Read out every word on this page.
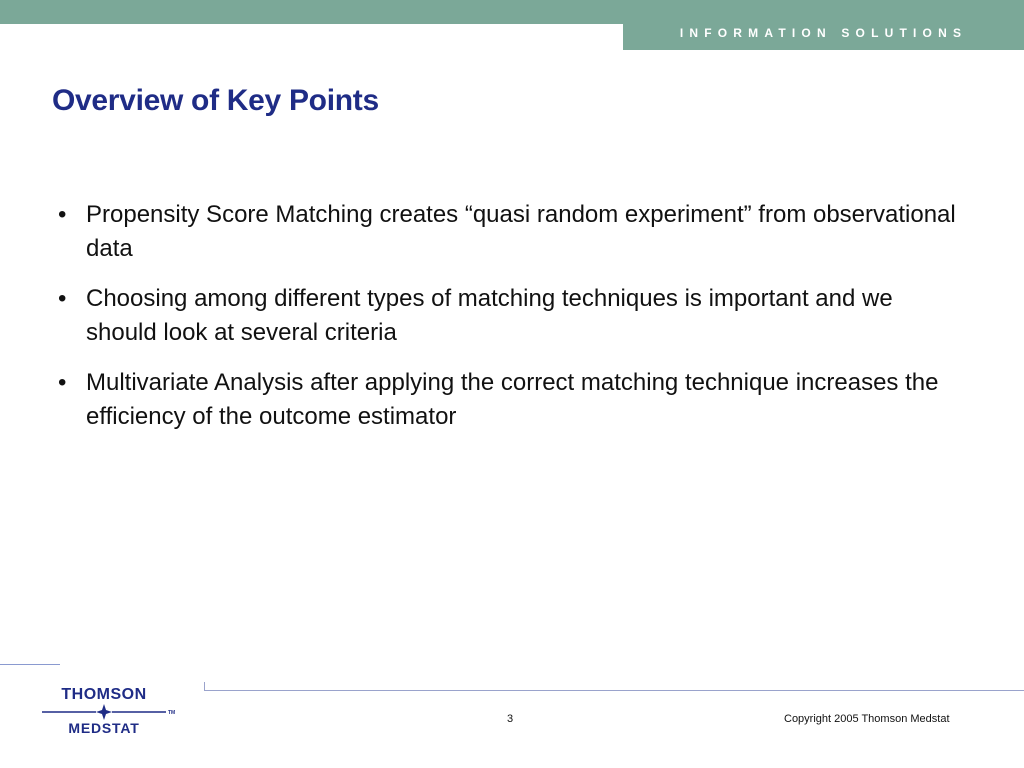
INFORMATION SOLUTIONS
Overview of Key Points
• Propensity Score Matching creates “quasi random experiment” from observational data
• Choosing among different types of matching techniques is important and we should look at several criteria
• Multivariate Analysis after applying the correct matching technique increases the efficiency of the outcome estimator
THOMSON
TM
MEDSTAT
3	Copyright 2005 Thomson Medstat
